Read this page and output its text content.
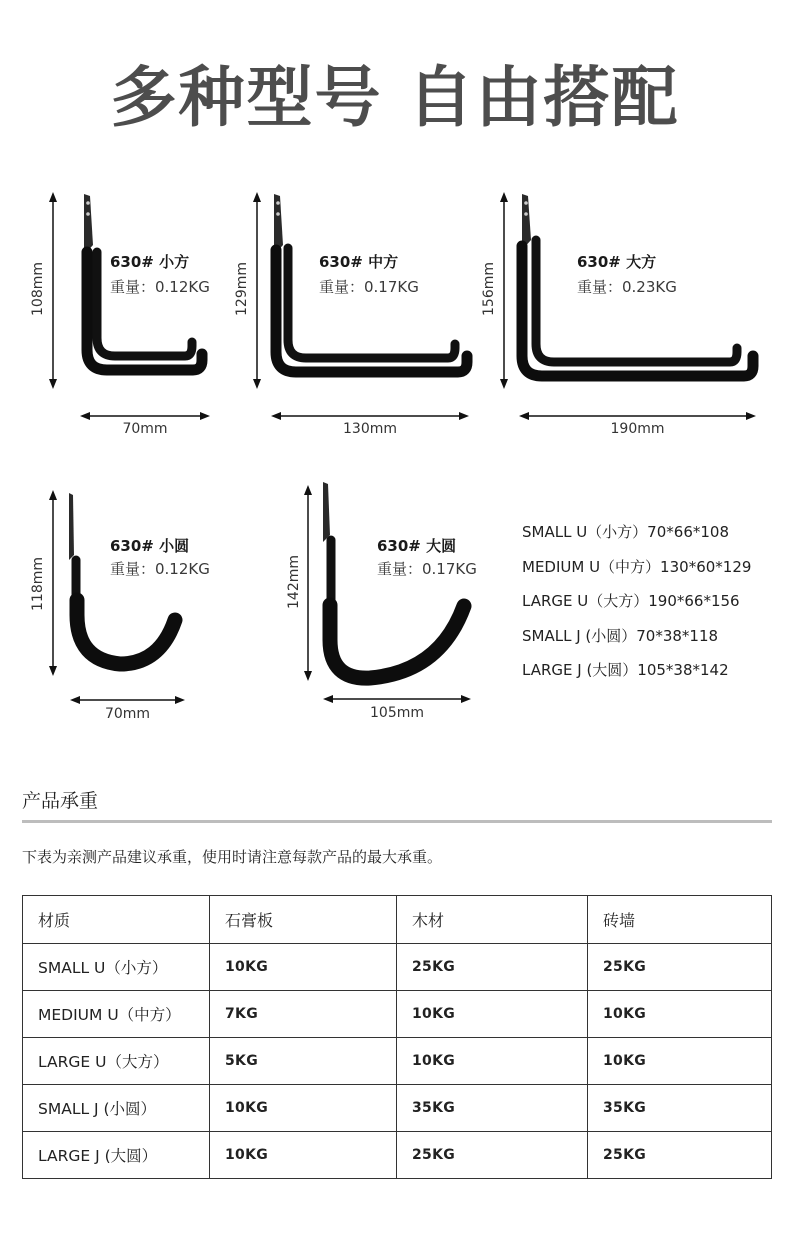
多种型号 自由搭配
630# 小方
重量：0.12KG
108mm
70mm
630# 中方
重量：0.17KG
129mm
130mm
630# 大方
重量：0.23KG
156mm
190mm
630# 小圆
重量：0.12KG
118mm
70mm
630# 大圆
重量：0.17KG
142mm
105mm
SMALL U（小方）70*66*108
MEDIUM U（中方）130*60*129
LARGE U（大方）190*66*156
SMALL J (小圆）70*38*118
LARGE J (大圆）105*38*142
产品承重
下表为亲测产品建议承重，使用时请注意每款产品的最大承重。
材质	石膏板	木材	砖墙
SMALL U（小方）	10KG	25KG	25KG
MEDIUM U（中方）	7KG	10KG	10KG
LARGE U（大方）	5KG	10KG	10KG
SMALL J (小圆）	10KG	35KG	35KG
LARGE J (大圆）	10KG	25KG	25KG
